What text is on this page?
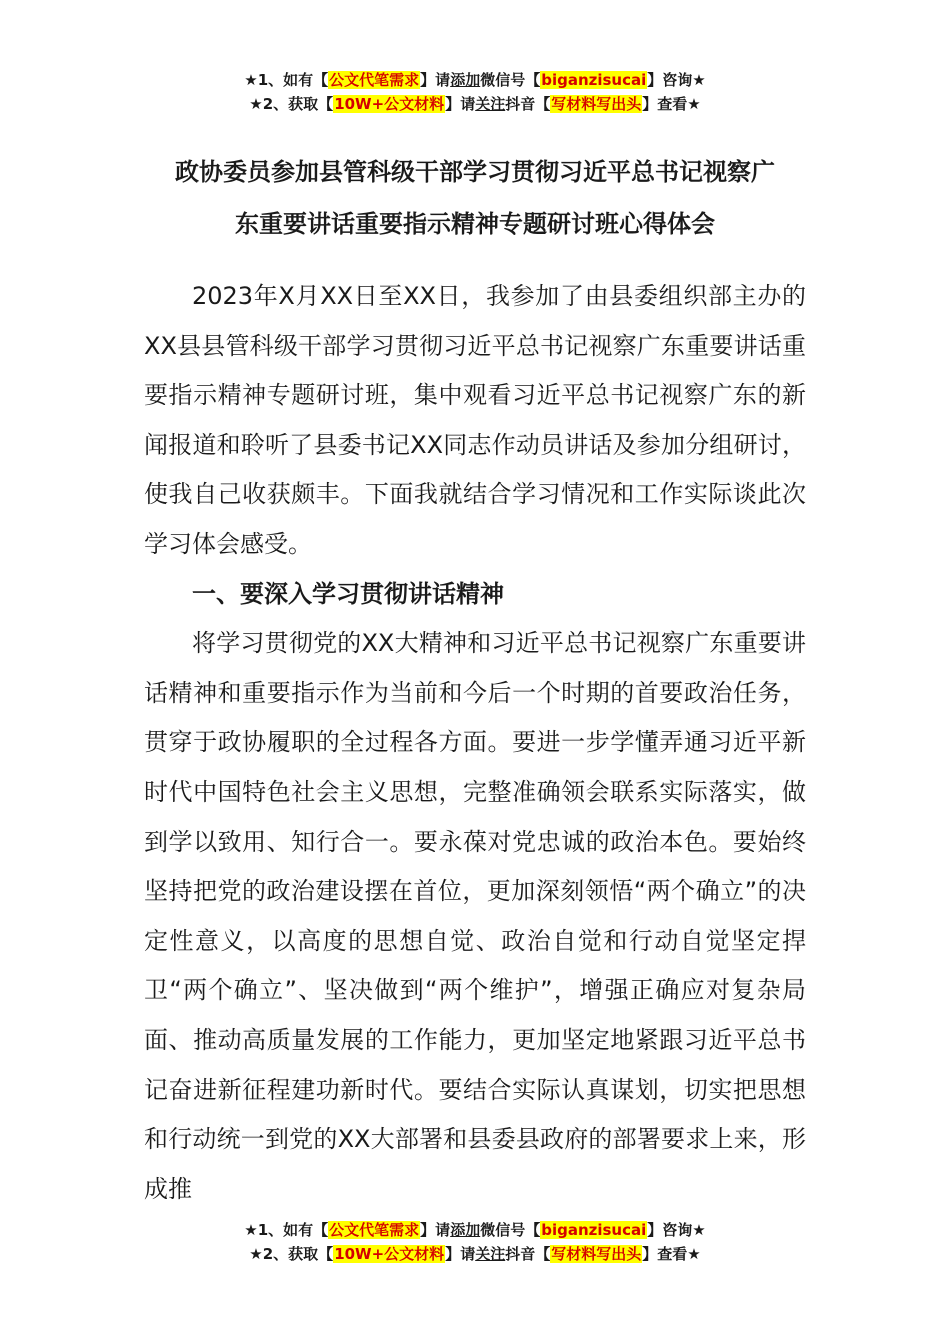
★1、如有【公文代笔需求】请添加微信号【biganzisucai】咨询★
★2、获取【10W+公文材料】请关注抖音【写材料写出头】查看★
政协委员参加县管科级干部学习贯彻习近平总书记视察广
东重要讲话重要指示精神专题研讨班心得体会

2023年X月XX日至XX日，我参加了由县委组织部主办的XX县县管科级干部学习贯彻习近平总书记视察广东重要讲话重要指示精神专题研讨班，集中观看习近平总书记视察广东的新闻报道和聆听了县委书记XX同志作动员讲话及参加分组研讨，使我自己收获颇丰。下面我就结合学习情况和工作实际谈此次学习体会感受。

一、要深入学习贯彻讲话精神

将学习贯彻党的XX大精神和习近平总书记视察广东重要讲话精神和重要指示作为当前和今后一个时期的首要政治任务，贯穿于政协履职的全过程各方面。要进一步学懂弄通习近平新时代中国特色社会主义思想，完整准确领会联系实际落实，做到学以致用、知行合一。要永葆对党忠诚的政治本色。要始终坚持把党的政治建设摆在首位，更加深刻领悟“两个确立”的决定性意义，以高度的思想自觉、政治自觉和行动自觉坚定捍卫“两个确立”、坚决做到“两个维护”，增强正确应对复杂局面、推动高质量发展的工作能力，更加坚定地紧跟习近平总书记奋进新征程建功新时代。要结合实际认真谋划，切实把思想和行动统一到党的XX大部署和县委县政府的部署要求上来，形成推

★1、如有【公文代笔需求】请添加微信号【biganzisucai】咨询★
★2、获取【10W+公文材料】请关注抖音【写材料写出头】查看★
